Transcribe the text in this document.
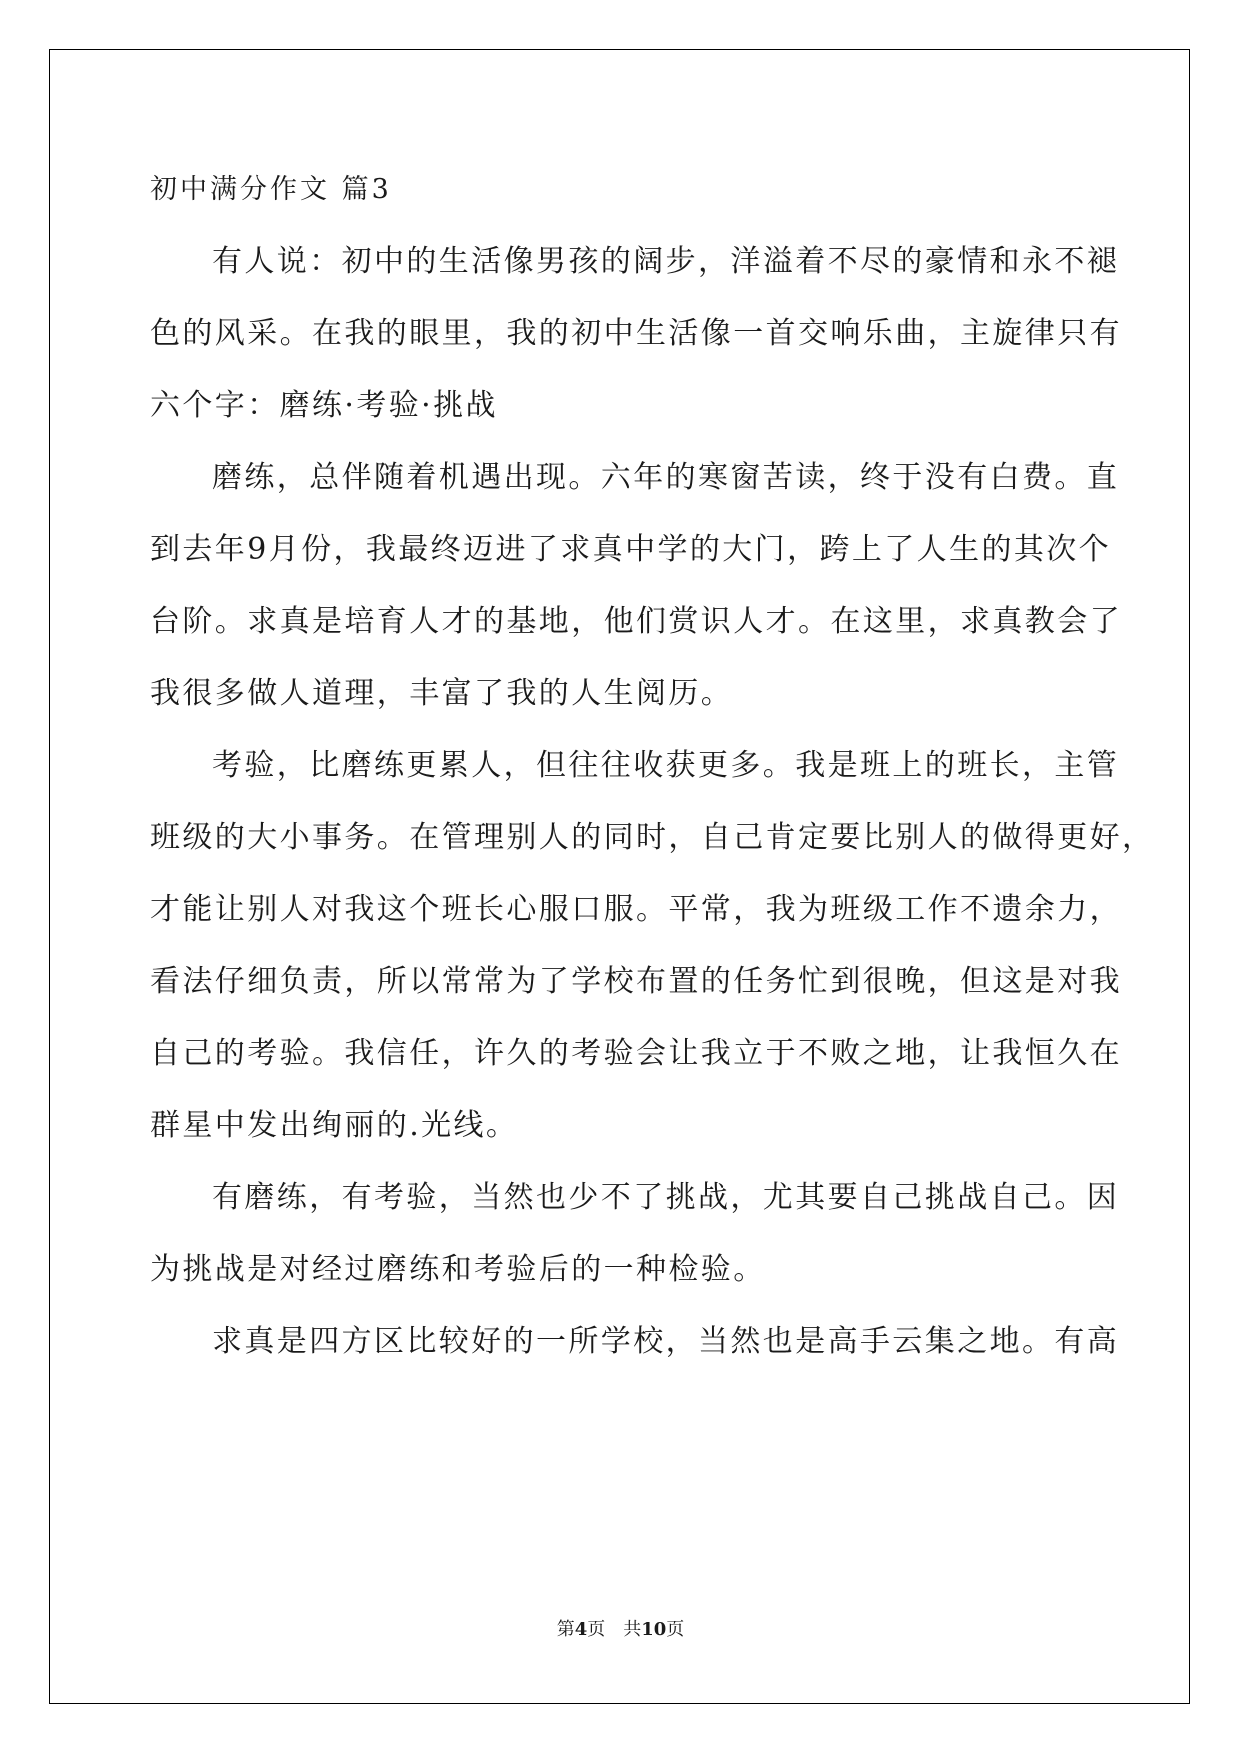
初中满分作文 篇3
有人说：初中的生活像男孩的阔步，洋溢着不尽的豪情和永不褪
色的风采。在我的眼里，我的初中生活像一首交响乐曲，主旋律只有
六个字：磨练·考验·挑战
磨练，总伴随着机遇出现。六年的寒窗苦读，终于没有白费。直
到去年9月份，我最终迈进了求真中学的大门，跨上了人生的其次个
台阶。求真是培育人才的基地，他们赏识人才。在这里，求真教会了
我很多做人道理，丰富了我的人生阅历。
考验，比磨练更累人，但往往收获更多。我是班上的班长，主管
班级的大小事务。在管理别人的同时，自己肯定要比别人的做得更好，
才能让别人对我这个班长心服口服。平常，我为班级工作不遗余力，
看法仔细负责，所以常常为了学校布置的任务忙到很晚，但这是对我
自己的考验。我信任，许久的考验会让我立于不败之地，让我恒久在
群星中发出绚丽的.光线。
有磨练，有考验，当然也少不了挑战，尤其要自己挑战自己。因
为挑战是对经过磨练和考验后的一种检验。
求真是四方区比较好的一所学校，当然也是高手云集之地。有高
第4页　共10页
